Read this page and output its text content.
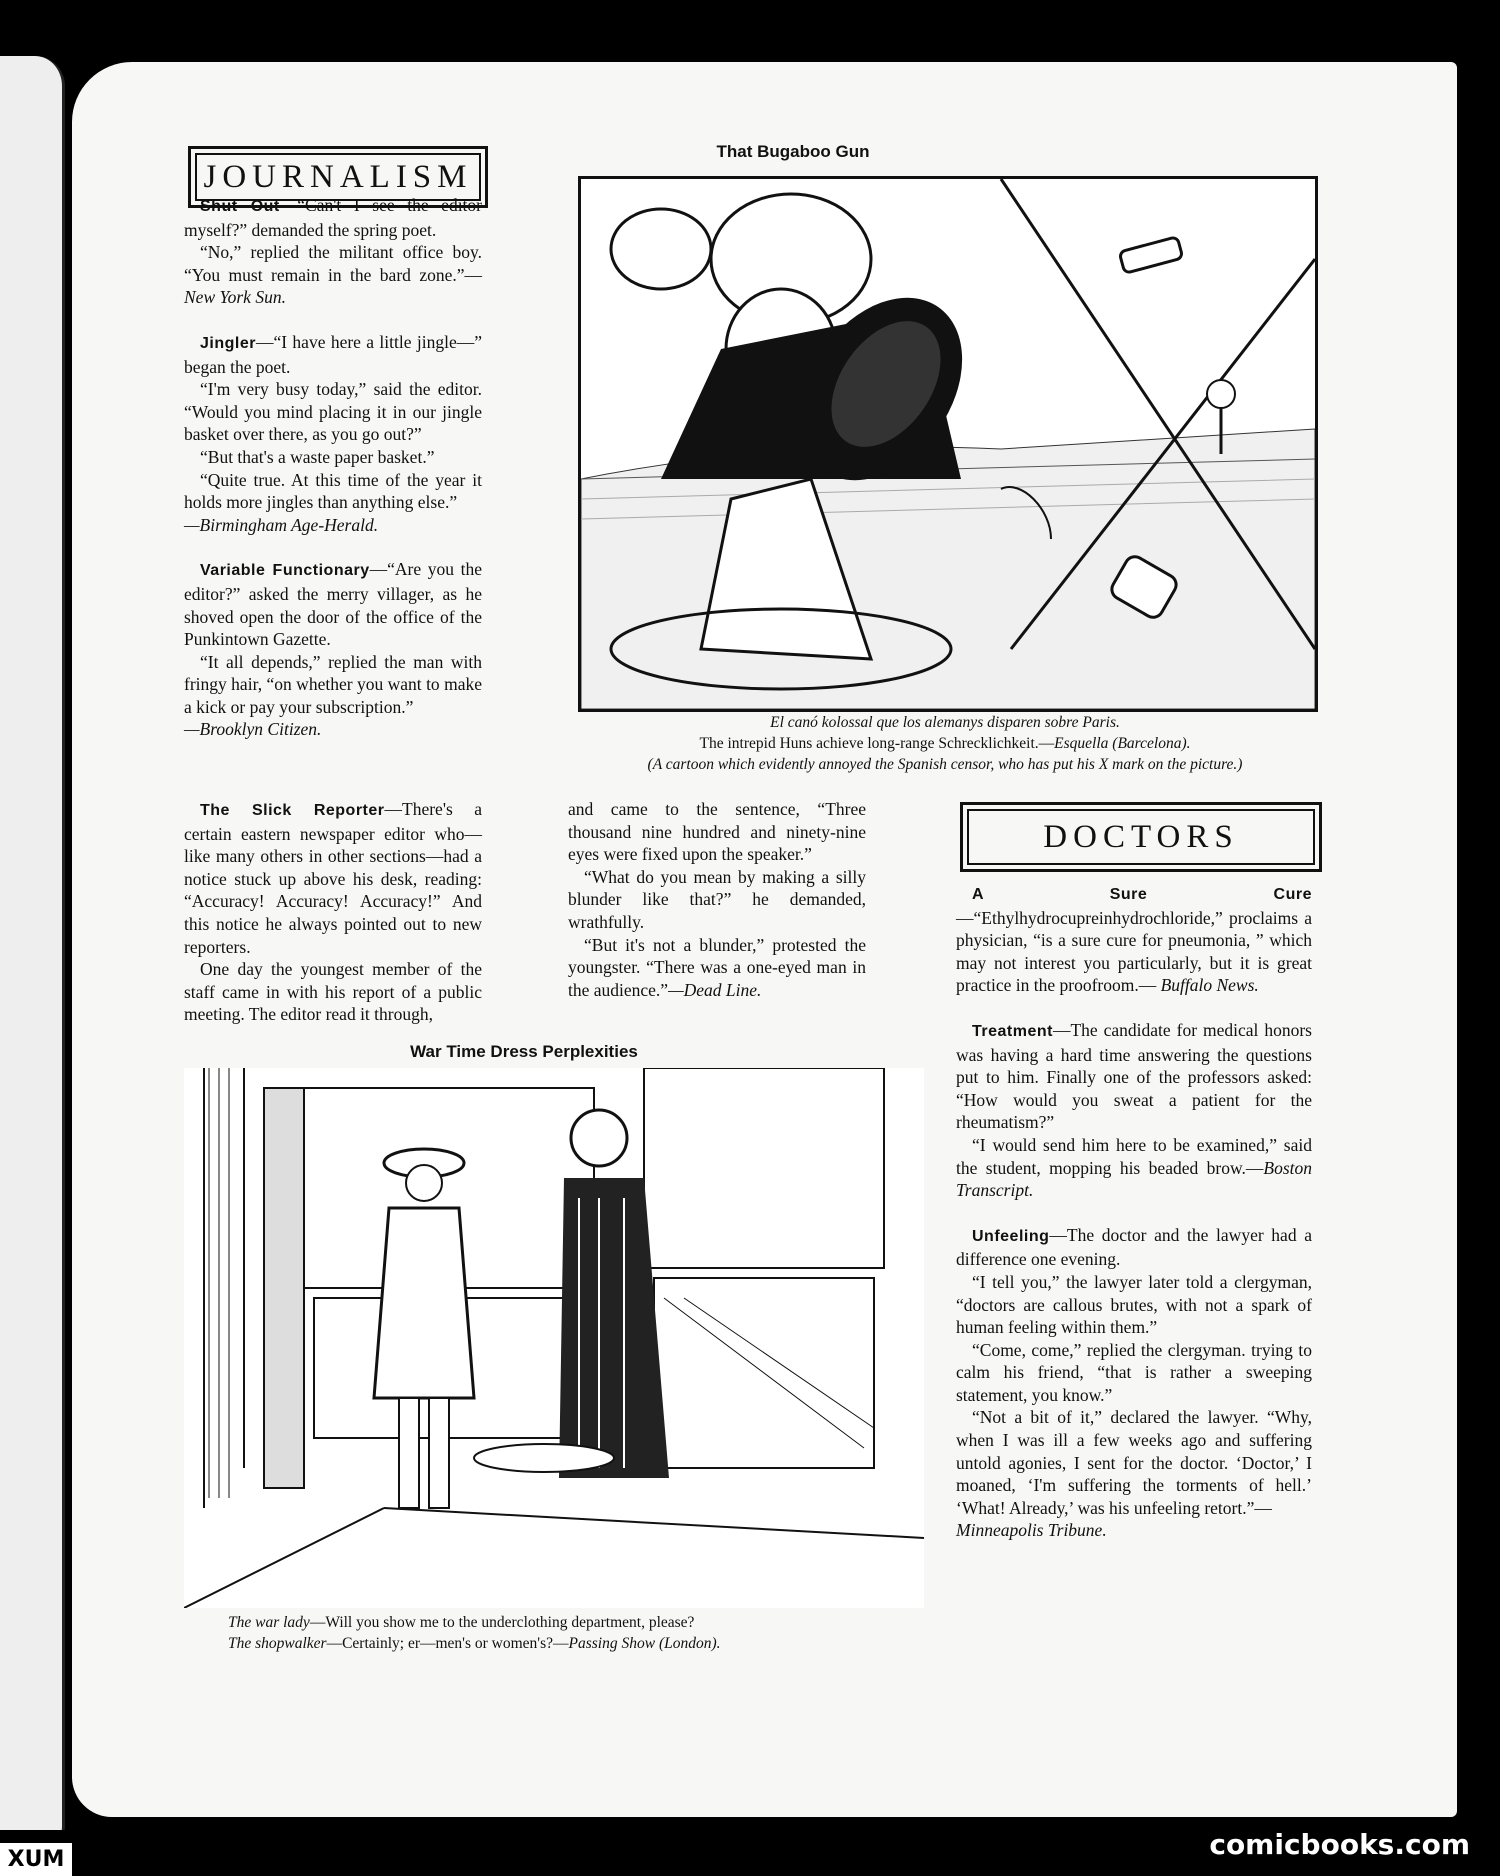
JOURNALISM

Shut Out—“Can't I see the editor myself?” demanded the spring poet.

“No,” replied the militant office boy. “You must remain in the bard zone.”— New York Sun.

Jingler—“I have here a little jingle—” began the poet.

“I'm very busy today,” said the editor. “Would you mind placing it in our jingle basket over there, as you go out?”

“But that's a waste paper basket.”

“Quite true. At this time of the year it holds more jingles than anything else.”

—Birmingham Age-Herald.

Variable Functionary—“Are you the editor?” asked the merry villager, as he shoved open the door of the office of the Punkintown Gazette.

“It all depends,” replied the man with fringy hair, “on whether you want to make a kick or pay your subscription.”

—Brooklyn Citizen.

That Bugaboo Gun
El canó kolossal que los alemanys disparen sobre Paris.
The intrepid Huns achieve long-range Schrecklichkeit.—Esquella (Barcelona).
(A cartoon which evidently annoyed the Spanish censor, who has put his X mark on the picture.)

The Slick Reporter—There's a certain eastern newspaper editor who—like many others in other sections—had a notice stuck up above his desk, reading: “Accuracy! Accuracy! Accuracy!” And this notice he always pointed out to new reporters.

One day the youngest member of the staff came in with his report of a public meeting. The editor read it through,

and came to the sentence, “Three thousand nine hundred and ninety-nine eyes were fixed upon the speaker.”

“What do you mean by making a silly blunder like that?” he demanded, wrathfully.

“But it's not a blunder,” protested the youngster. “There was a one-eyed man in the audience.”—Dead Line.

DOCTORS

A Sure Cure—“Ethylhydrocupreinhydrochloride,” proclaims a physician, “is a sure cure for pneumonia, ” which may not interest you particularly, but it is great practice in the proofroom.— Buffalo News.

Treatment—The candidate for medical honors was having a hard time answering the questions put to him. Finally one of the professors asked: “How would you sweat a patient for the rheumatism?”

“I would send him here to be examined,” said the student, mopping his beaded brow.—Boston Transcript.

Unfeeling—The doctor and the lawyer had a difference one evening.

“I tell you,” the lawyer later told a clergyman, “doctors are callous brutes, with not a spark of human feeling within them.”

“Come, come,” replied the clergyman. trying to calm his friend, “that is rather a sweeping statement, you know.”

“Not a bit of it,” declared the lawyer. “Why, when I was ill a few weeks ago and suffering untold agonies, I sent for the doctor. ‘Doctor,’ I moaned, ‘I'm suffering the torments of hell.’ ‘What! Already,’ was his unfeeling retort.”—

Minneapolis Tribune.

War Time Dress Perplexities
The war lady—Will you show me to the underclothing department, please?
The shopwalker—Certainly; er—men's or women's?—Passing Show (London).
comicbooks.com
XUM
